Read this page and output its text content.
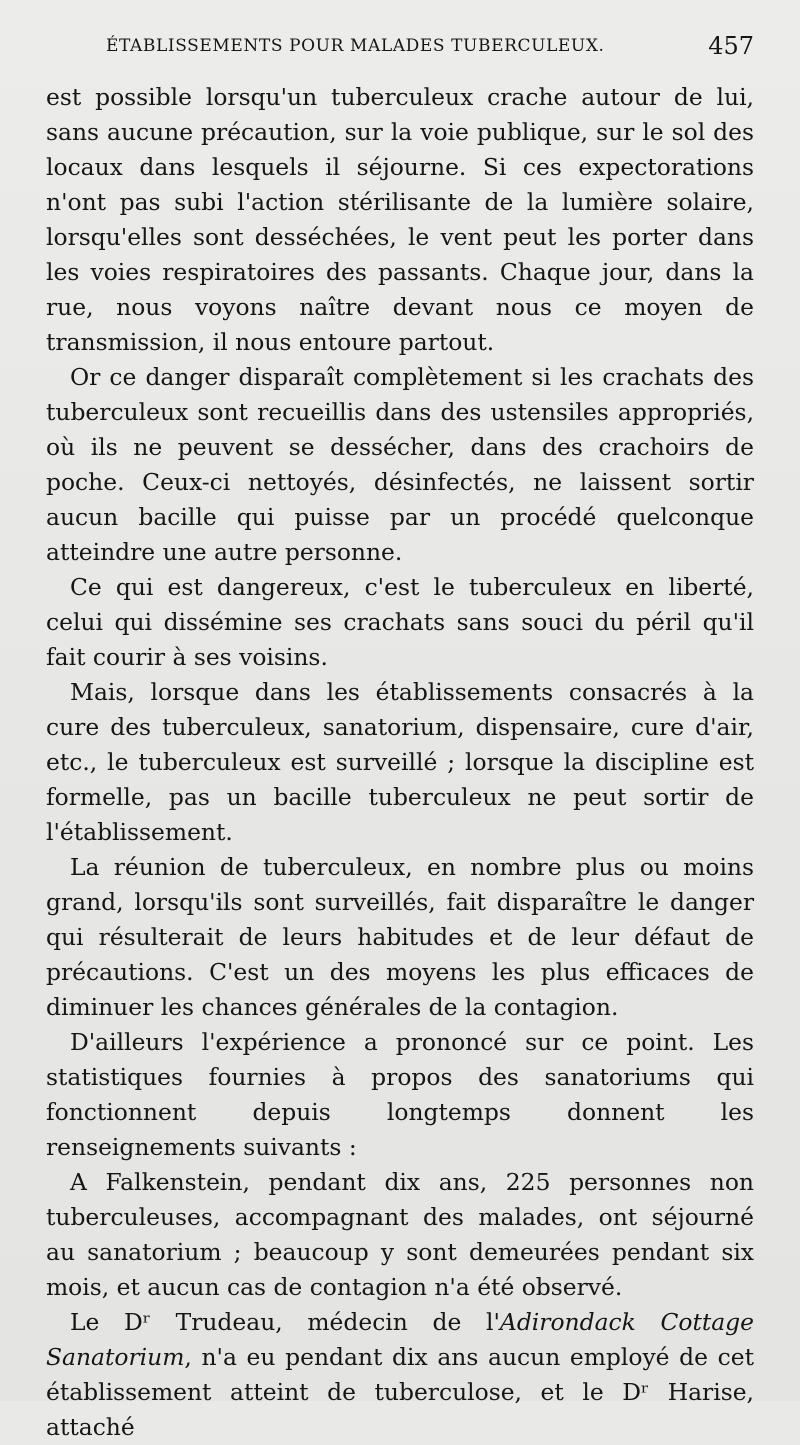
ÉTABLISSEMENTS POUR MALADES TUBERCULEUX.	457

est possible lorsqu'un tuberculeux crache autour de lui, sans aucune précaution, sur la voie publique, sur le sol des locaux dans lesquels il séjourne. Si ces expectorations n'ont pas subi l'action stérilisante de la lumière solaire, lorsqu'elles sont desséchées, le vent peut les porter dans les voies respiratoires des passants. Chaque jour, dans la rue, nous voyons naître devant nous ce moyen de transmission, il nous entoure partout.

Or ce danger disparaît complètement si les crachats des tuberculeux sont recueillis dans des ustensiles appropriés, où ils ne peuvent se dessécher, dans des crachoirs de poche. Ceux-ci nettoyés, désinfectés, ne laissent sortir aucun bacille qui puisse par un procédé quelconque atteindre une autre personne.

Ce qui est dangereux, c'est le tuberculeux en liberté, celui qui dissémine ses crachats sans souci du péril qu'il fait courir à ses voisins.

Mais, lorsque dans les établissements consacrés à la cure des tuberculeux, sanatorium, dispensaire, cure d'air, etc., le tuberculeux est surveillé ; lorsque la discipline est formelle, pas un bacille tuberculeux ne peut sortir de l'établissement.

La réunion de tuberculeux, en nombre plus ou moins grand, lorsqu'ils sont surveillés, fait disparaître le danger qui résulterait de leurs habitudes et de leur défaut de précautions. C'est un des moyens les plus efficaces de diminuer les chances générales de la contagion.

D'ailleurs l'expérience a prononcé sur ce point. Les statistiques fournies à propos des sanatoriums qui fonctionnent depuis longtemps donnent les renseignements suivants :

A Falkenstein, pendant dix ans, 225 personnes non tuberculeuses, accompagnant des malades, ont séjourné au sanatorium ; beaucoup y sont demeurées pendant six mois, et aucun cas de contagion n'a été observé.

Le Dʳ Trudeau, médecin de l'Adirondack Cottage Sanatorium, n'a eu pendant dix ans aucun employé de cet établissement atteint de tuberculose, et le Dʳ Harise, attaché
